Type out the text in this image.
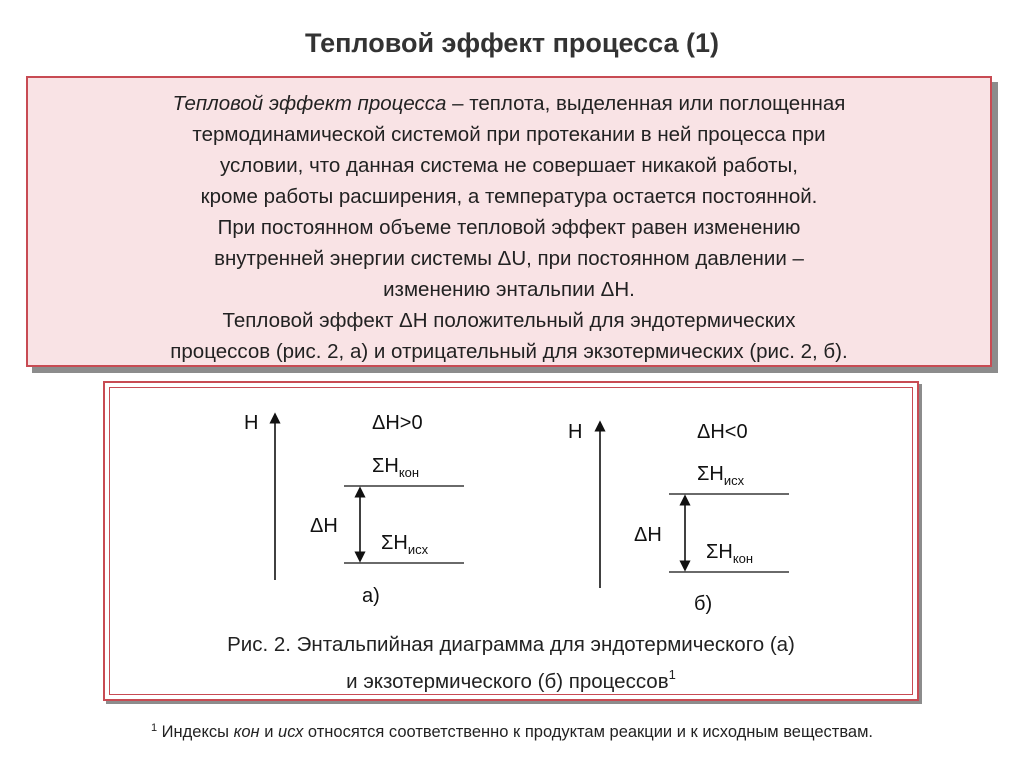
Тепловой эффект процесса (1)
Тепловой эффект процесса – теплота, выделенная или поглощенная
термодинамической системой при протекании в ней процесса при
условии, что данная система не совершает никакой работы,
кроме работы расширения, а температура остается постоянной.
При постоянном объеме тепловой эффект равен изменению
внутренней энергии системы ΔU, при постоянном давлении –
изменению энтальпии ΔH.
Тепловой эффект ΔH положительный для эндотермических
процессов (рис. 2, а) и отрицательный для экзотермических (рис. 2, б).
H	ΔH>0
$\Sigma H_{кон}$
ΔH
$\Sigma H_{исх}$
а)
H	ΔH<0
$\Sigma H_{исх}$
ΔH
$\Sigma H_{кон}$
б)
Рис. 2. Энтальпийная диаграмма для эндотермического (а)
и экзотермического (б) процессов$^1$
$^1$ Индексы кон и исх относятся соответственно к продуктам реакции и к исходным веществам.
